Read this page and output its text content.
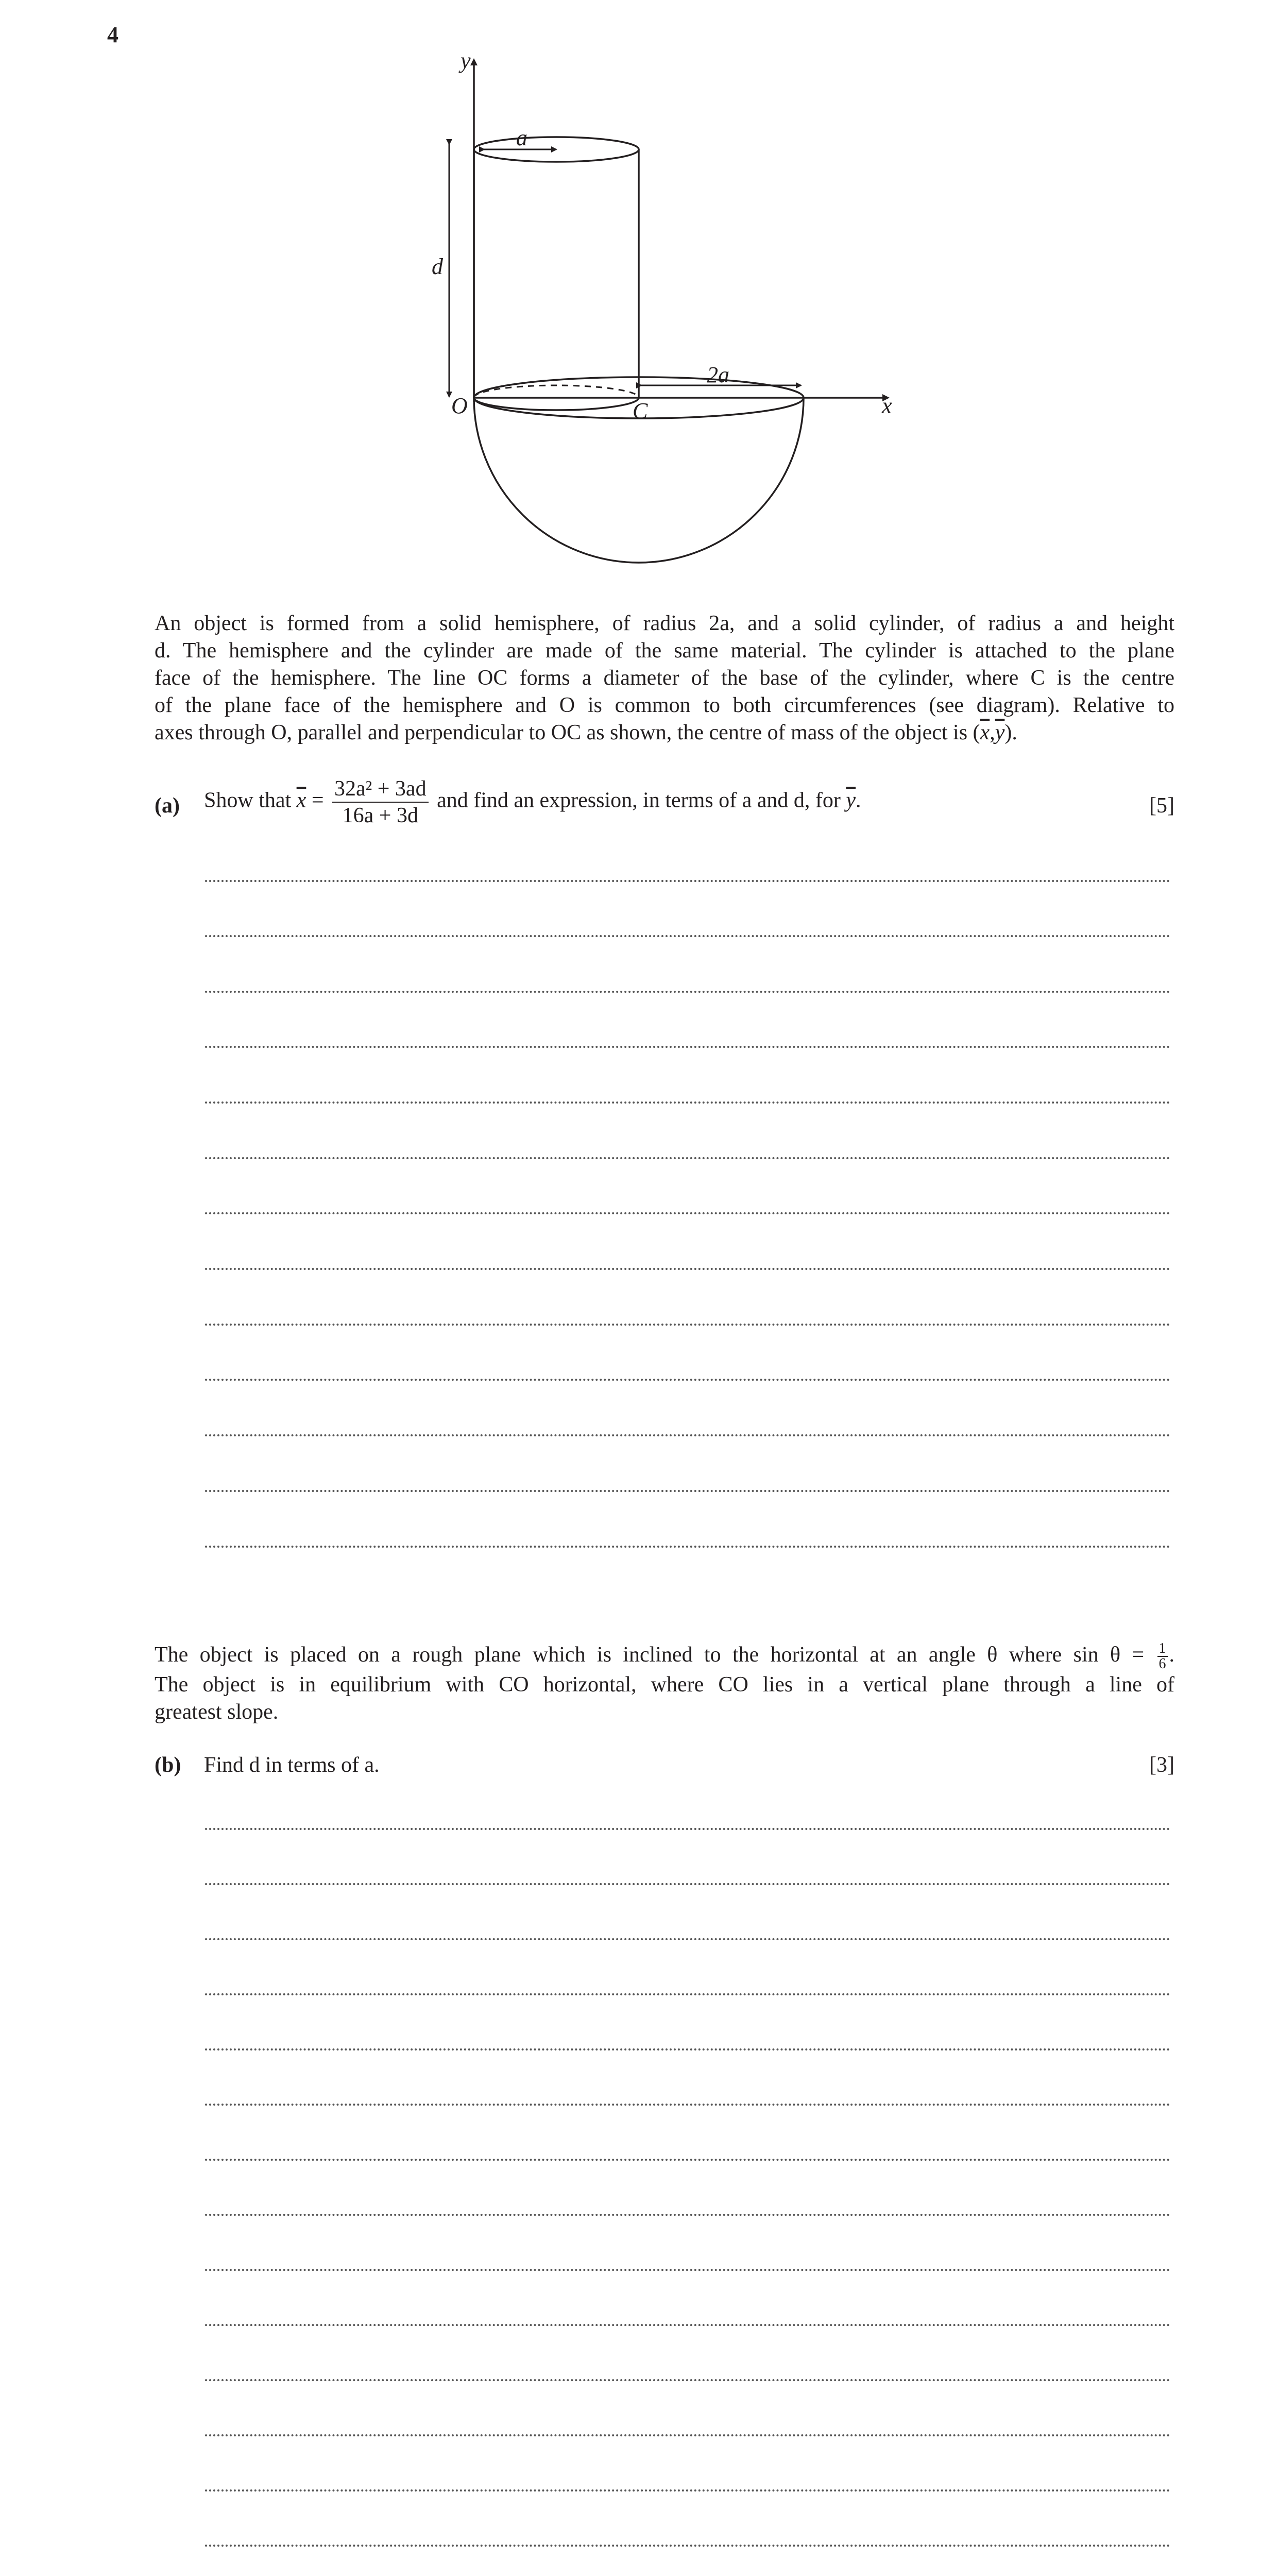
4
y
a
d
O	C
2a
x
An object is formed from a solid hemisphere, of radius 2a, and a solid cylinder, of radius a and height
d. The hemisphere and the cylinder are made of the same material. The cylinder is attached to the plane
face of the hemisphere. The line OC forms a diameter of the base of the cylinder, where C is the centre
of the plane face of the hemisphere and O is common to both circumferences (see diagram). Relative to
axes through O, parallel and perpendicular to OC as shown, the centre of mass of the object is $(\overline{x},\overline{y})$.
(a) Show that $\overline{x} = \frac{\text{32a² + 3ad}}{16a + 3d}$ and find an expression, in terms of a and d, for $\overline{y}$.	[5]
The object is placed on a rough plane which is inclined to the horizontal at an angle θ where $\sin \theta = \frac{1}{6}$ .
The object is in equilibrium with CO horizontal, where CO lies in a vertical plane through a line of
greatest slope.
(b) Find d in terms of a.	[3]
